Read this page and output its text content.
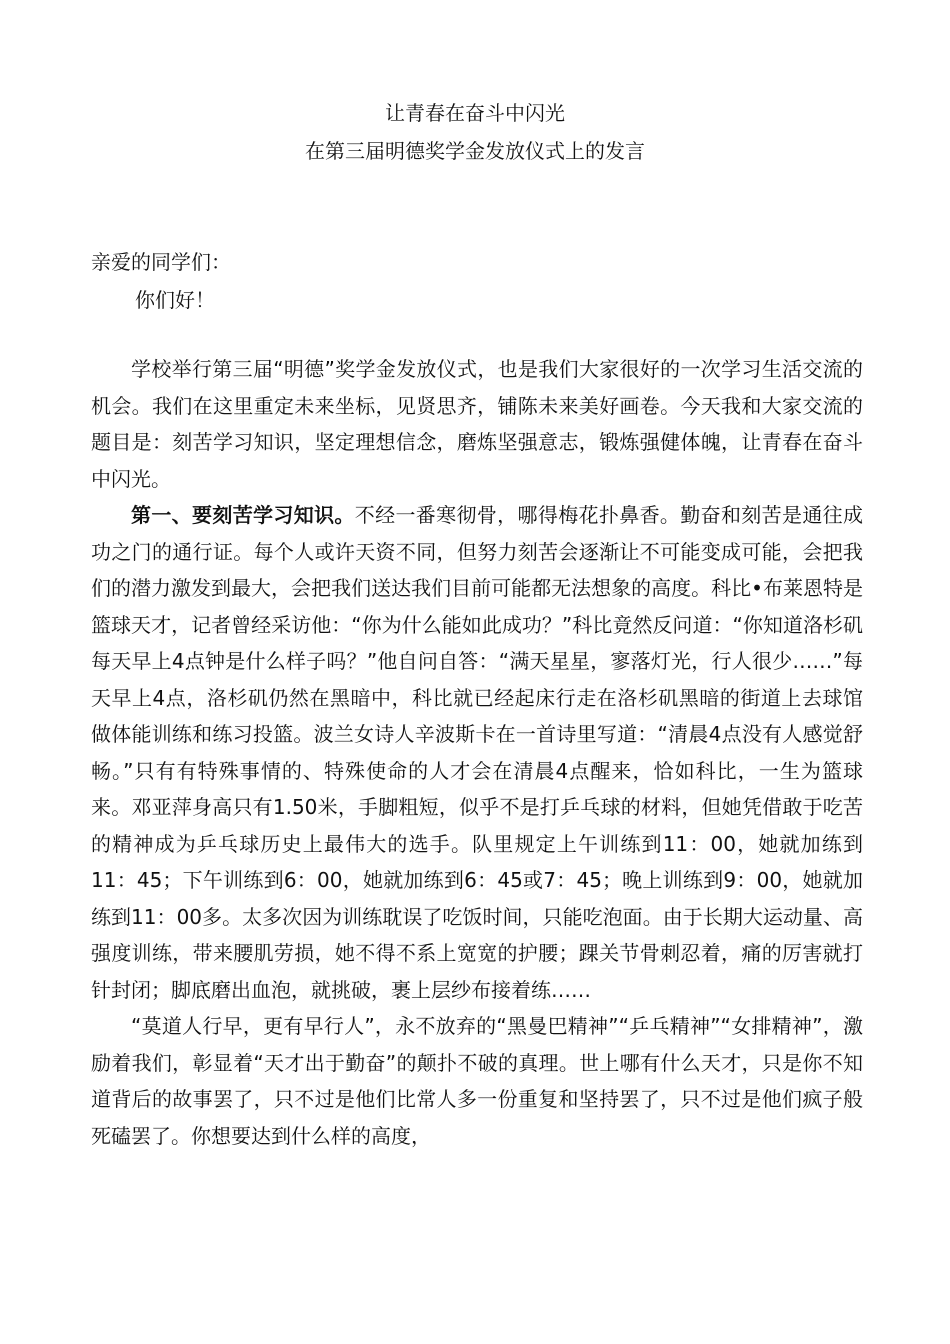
让青春在奋斗中闪光
在第三届明德奖学金发放仪式上的发言
亲爱的同学们：
你们好！

学校举行第三届“明德”奖学金发放仪式，也是我们大家很好的一次学习生活交流的机会。我们在这里重定未来坐标，见贤思齐，铺陈未来美好画卷。今天我和大家交流的题目是：刻苦学习知识，坚定理想信念，磨炼坚强意志，锻炼强健体魄，让青春在奋斗中闪光。

第一、要刻苦学习知识。不经一番寒彻骨，哪得梅花扑鼻香。勤奋和刻苦是通往成功之门的通行证。每个人或许天资不同，但努力刻苦会逐渐让不可能变成可能，会把我们的潜力激发到最大，会把我们送达我们目前可能都无法想象的高度。科比•布莱恩特是篮球天才，记者曾经采访他：“你为什么能如此成功？”科比竟然反问道：“你知道洛杉矶每天早上4点钟是什么样子吗？”他自问自答：“满天星星，寥落灯光，行人很少……”每天早上4点，洛杉矶仍然在黑暗中，科比就已经起床行走在洛杉矶黑暗的街道上去球馆做体能训练和练习投篮。波兰女诗人辛波斯卡在一首诗里写道：“清晨4点没有人感觉舒畅。”只有有特殊事情的、特殊使命的人才会在清晨4点醒来，恰如科比，一生为篮球来。邓亚萍身高只有1.50米，手脚粗短，似乎不是打乒乓球的材料，但她凭借敢于吃苦的精神成为乒乓球历史上最伟大的选手。队里规定上午训练到11：00，她就加练到11：45；下午训练到6：00，她就加练到6：45或7：45；晚上训练到9：00，她就加练到11：00多。太多次因为训练耽误了吃饭时间，只能吃泡面。由于长期大运动量、高强度训练，带来腰肌劳损，她不得不系上宽宽的护腰；踝关节骨刺忍着，痛的厉害就打针封闭；脚底磨出血泡，就挑破，裹上层纱布接着练……

“莫道人行早，更有早行人”，永不放弃的“黑曼巴精神”“乒乓精神”“女排精神”，激励着我们，彰显着“天才出于勤奋”的颠扑不破的真理。世上哪有什么天才，只是你不知道背后的故事罢了，只不过是他们比常人多一份重复和坚持罢了，只不过是他们疯子般死磕罢了。你想要达到什么样的高度，
